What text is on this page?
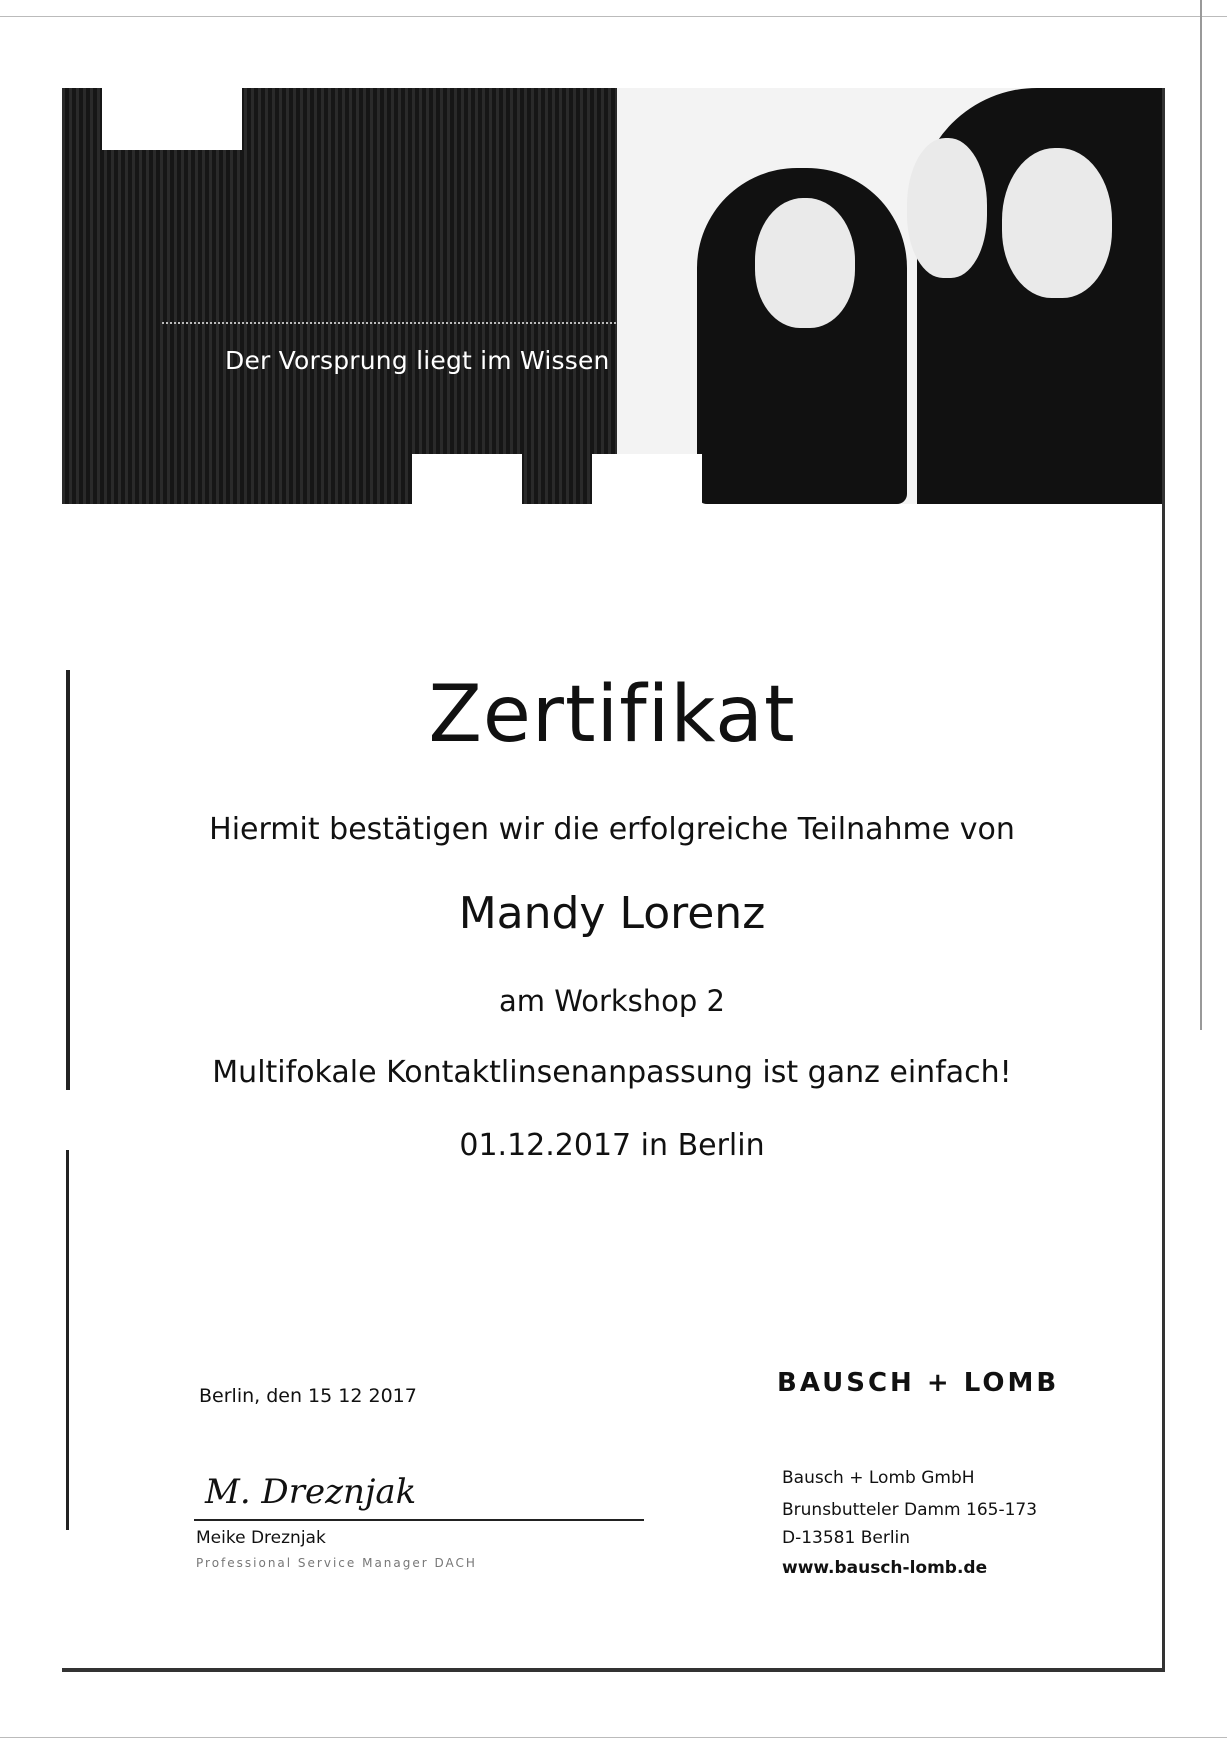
Der Vorsprung liegt im Wissen
Zertifikat
Hiermit bestätigen wir die erfolgreiche Teilnahme von
Mandy Lorenz
am Workshop 2
Multifokale Kontaktlinsenanpassung ist ganz einfach!
01.12.2017 in Berlin
Berlin, den 15 12 2017	BAUSCH + LOMB
M. Dreznjak
Meike Dreznjak
Professional Service Manager DACH
Bausch + Lomb GmbH
Brunsbutteler Damm 165-173
D-13581 Berlin
www.bausch-lomb.de
